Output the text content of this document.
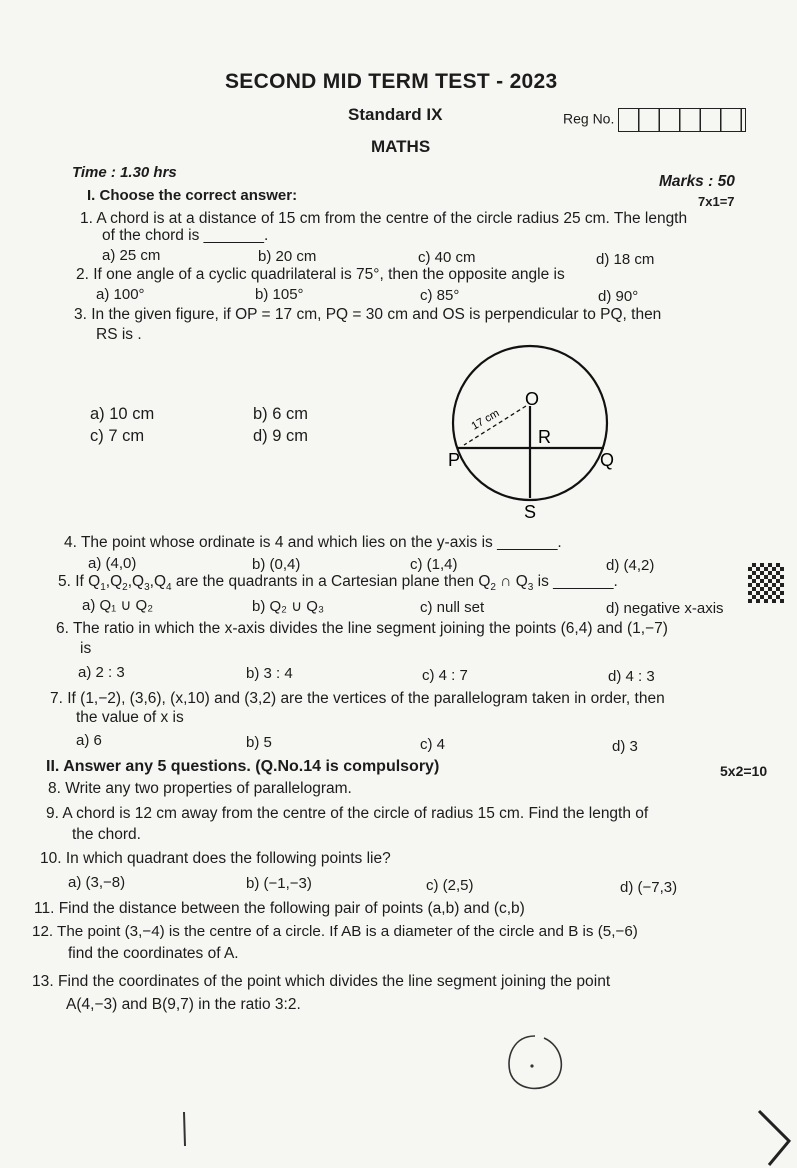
SECOND MID TERM TEST - 2023
Standard IX	Reg No.
MATHS
Time : 1.30 hrs
Marks : 50
I. Choose the correct answer:	7x1=7
1. A chord is at a distance of 15 cm from the centre of the circle radius 25 cm. The length
of the chord is _______.
a) 25 cm	b) 20 cm	c) 40 cm	d) 18 cm
2. If one angle of a cyclic quadrilateral is 75°, then the opposite angle is
a) 100°	b) 105°	c) 85°	d) 90°
3. In the given figure, if OP = 17 cm, PQ = 30 cm and OS is perpendicular to PQ, then
RS is .
a) 10 cm	b) 6 cm
c) 7 cm	d) 9 cm
O
P	Q
R
S
17 cm
4. The point whose ordinate is 4 and which lies on the y-axis is _______.
a) (4,0)	b) (0,4)	c) (1,4)	d) (4,2)
5. If $Q_1,Q_2,Q_3,Q_4$ are the quadrants in a Cartesian plane then $Q_2$ ∩ $Q_3$ is _______.
a) Q₁ ∪ Q₂	b) Q₂ ∪ Q₃	c) null set	d) negative x-axis
6. The ratio in which the x-axis divides the line segment joining the points (6,4) and (1,−7)
is
a) 2 : 3	b) 3 : 4	c) 4 : 7	d) 4 : 3
7. If (1,−2), (3,6), (x,10) and (3,2) are the vertices of the parallelogram taken in order, then
the value of x is
a) 6	b) 5	c) 4	d) 3
II. Answer any 5 questions. (Q.No.14 is compulsory)	5x2=10
8. Write any two properties of parallelogram.
9. A chord is 12 cm away from the centre of the circle of radius 15 cm. Find the length of
the chord.
10. In which quadrant does the following points lie?
a) (3,−8)	b) (−1,−3)	c) (2,5)	d) (−7,3)
11. Find the distance between the following pair of points (a,b) and (c,b)
12. The point (3,−4) is the centre of a circle. If AB is a diameter of the circle and B is (5,−6)
find the coordinates of A.
13. Find the coordinates of the point which divides the line segment joining the point
A(4,−3) and B(9,7) in the ratio 3:2.
